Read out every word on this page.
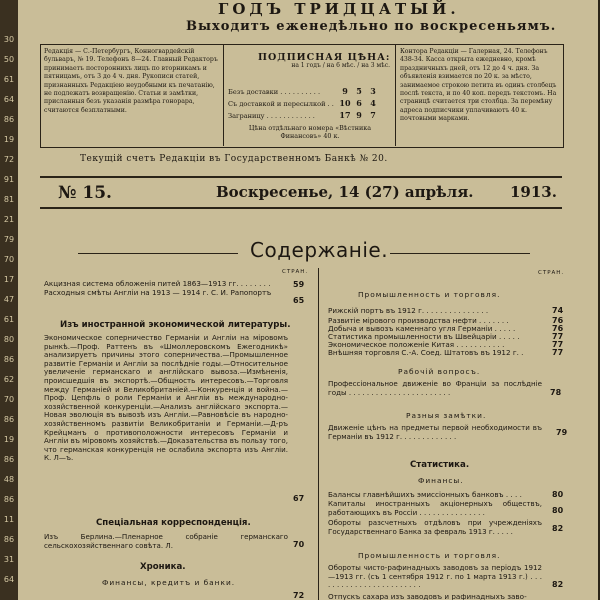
30
50
61
64
86
19
72
91
81
21
79
70
17
47
61
80
86
62
70
86
19
86
48
86
11
86
31
64
ГОДЪ ТРИДЦАТЫЙ.
Выходитъ еженедѣльно по воскресеньямъ.
Редакція — С.-Петербургъ, Конногвардейскій бульваръ, № 19. Телефонъ 8—24. Главный Редакторъ принимаетъ постороннихъ лицъ по вторникамъ и пятницамъ, отъ 3 до 4 ч. дня. Рукописи статей, признанныхъ Редакціею неудобными къ печатанію, не подлежатъ возвращенію. Статьи и замѣтки, присланныя безъ указанія размѣра гонорара, считаются безплатными.
ПОДПИСНАЯ ЦѢНА:
на 1 годъ / на 6 мѣс. / на 3 мѣс.
Безъ доставки . . . . . . . . . .	9 5 3
Съ доставкой и пересылкой . . 10 6 4
Заграницу . . . . . . . . . . . .	17 9 7
Цѣна отдѣльнаго номера «Вѣстника Финансовъ» 40 к.
Контора Редакціи — Галерная, 24. Телефонъ 438-34. Касса открыта ежедневно, кромѣ праздничныхъ дней, отъ 12 до 4 ч. дня. За объявленія взимается по 20 к. за мѣсто, занимаемое строкою петита въ одинъ столбецъ послѣ текста, и по 40 коп. передъ текстомъ. На страницѣ считается три столбца. За перемѣну адреса подписчики уплачиваютъ 40 к. почтовыми марками.
Текущій счетъ Редакціи въ Государственномъ Банкѣ № 20.
№ 15.	Воскресенье, 14 (27) апрѣля. 1913.
Содержаніе.
СТРАН.
Акцизная система обложенія питей 1863—1913 гг. . . . . . . .	59
Расходныя смѣты Англіи на 1913 — 1914 г. С. И. Рапопортъ
65
Изъ иностранной экономической литературы.
Экономическое соперничество Германіи и Англіи на міровомъ рынкѣ.—Проф. Раттенъ въ «Шмоллеровскомъ Ежегодникѣ» анализируетъ причины этого соперничества.—Промышленное развитіе Германіи и Англіи за послѣдніе годы.—Относительное увеличеніе германскаго и англійскаго вывоза.—Измѣненія, происшедшія въ экспортѣ.—Общность интересовъ.—Торговля между Германіей и Великобританіей.—Конкуренція и война.—Проф. Цепфль о роли Германіи и Англіи въ международно-хозяйственной конкуренціи.—Анализъ англійскаго экспорта.—Новая эволюція въ вывозѣ изъ Англіи.—Равновѣсіе въ народно-хозяйственномъ развитіи Великобританіи и Германіи.—Д-ръ Крейцманъ о противоположности интересовъ Германіи и Англіи въ міровомъ хозяйствѣ.—Доказательства въ пользу того, что германская конкуренція не ослабила экспорта изъ Англіи. К. Л—ъ.
67
Спеціальная корреспонденція.
Изъ Берлина.—Пленарное собраніе германскаго сельскохозяйственнаго совѣта. Л.	70
Хроника.
Финансы, кредитъ и банки.
72
СТРАН.
Промышленность и торговля.
Рижскій портъ въ 1912 г. . . . . . . . . . . . . . .	74
Развитіе мірового производства нефти . . . . . . .	76
Добыча и вывозъ каменнаго угля Германіи . . . . .	76
Статистика промышленности въ Швейцаріи . . . . .	77
Экономическое положеніе Китая . . . . . . . . . . .	77
Внѣшняя торговля С.-А. Соед. Штатовъ въ 1912 г. .	77
Рабочій вопросъ.
Профессіональное движеніе во Франціи за послѣдніе годы . . . . . . . . . . . . . . . . . . . . . . .	78
Разныя замѣтки.
Движеніе цѣнъ на предметы первой необходимости въ Германіи въ 1912 г. . . . . . . . . . . . .	79
Статистика.
Финансы.
Балансы главнѣйшихъ эмиссіонныхъ банковъ . . . .	80
Капиталы иностранныхъ акціонерныхъ обществъ, работающихъ въ Россіи . . . . . . . . . . . . . . .	80
Обороты разсчетныхъ отдѣловъ при учрежденіяхъ Государственнаго Банка за февраль 1913 г. . . . .	82
Промышленность и торговля.
Обороты чисто-рафинадныхъ заводовъ за періодъ 1912—1913 гг. (съ 1 сентября 1912 г. по 1 марта 1913 г.) . . . . . . . . . . . . . . . . . . . . . . . .	82
Отпускъ сахара изъ заводовъ и рафинадныхъ заво-
